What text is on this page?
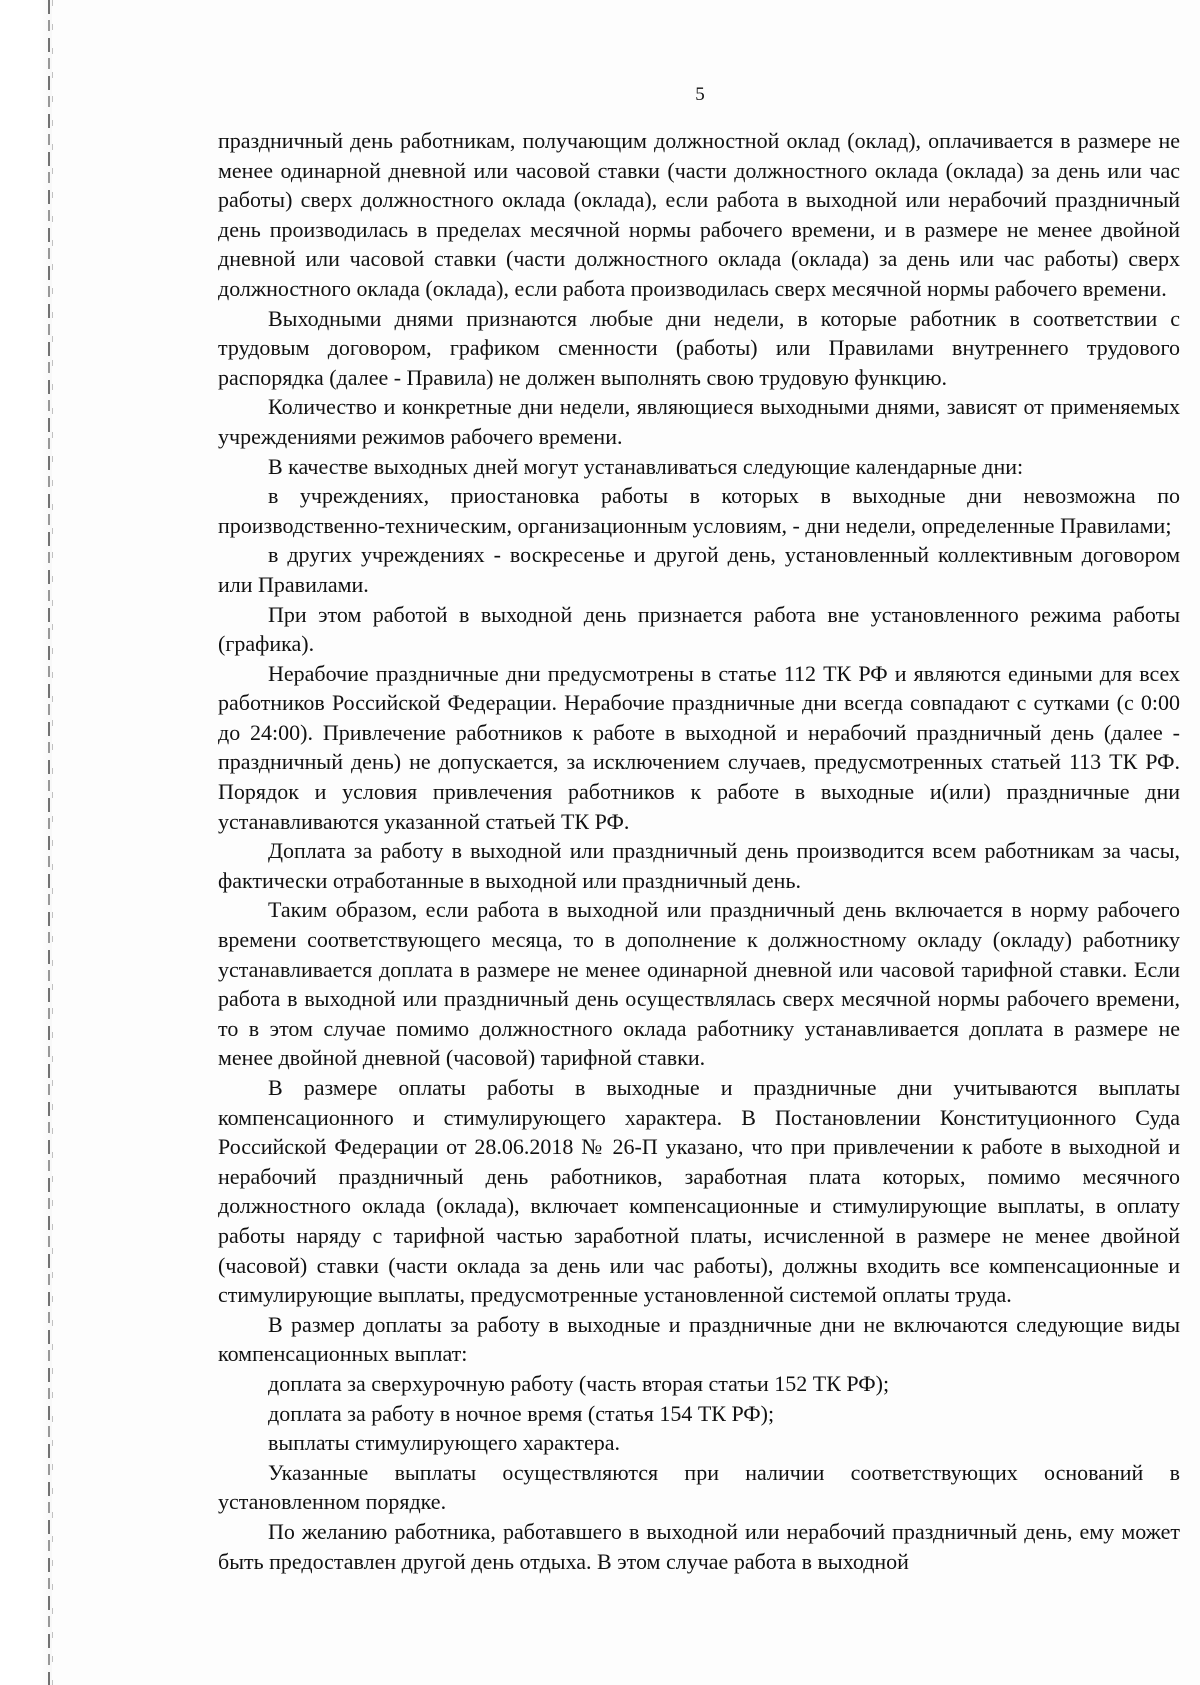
5

праздничный день работникам, получающим должностной оклад (оклад), оплачивается в размере не менее одинарной дневной или часовой ставки (части должностного оклада (оклада) за день или час работы) сверх должностного оклада (оклада), если работа в выходной или нерабочий праздничный день производилась в пределах месячной нормы рабочего времени, и в размере не менее двойной дневной или часовой ставки (части должностного оклада (оклада) за день или час работы) сверх должностного оклада (оклада), если работа производилась сверх месячной нормы рабочего времени.

Выходными днями признаются любые дни недели, в которые работник в соответствии с трудовым договором, графиком сменности (работы) или Правилами внутреннего трудового распорядка (далее - Правила) не должен выполнять свою трудовую функцию.

Количество и конкретные дни недели, являющиеся выходными днями, зависят от применяемых учреждениями режимов рабочего времени.

В качестве выходных дней могут устанавливаться следующие календарные дни:

в учреждениях, приостановка работы в которых в выходные дни невозможна по производственно-техническим, организационным условиям, - дни недели, определенные Правилами;

в других учреждениях - воскресенье и другой день, установленный коллективным договором или Правилами.

При этом работой в выходной день признается работа вне установленного режима работы (графика).

Нерабочие праздничные дни предусмотрены в статье 112 ТК РФ и являются едиными для всех работников Российской Федерации. Нерабочие праздничные дни всегда совпадают с сутками (с 0:00 до 24:00). Привлечение работников к работе в выходной и нерабочий праздничный день (далее - праздничный день) не допускается, за исключением случаев, предусмотренных статьей 113 ТК РФ. Порядок и условия привлечения работников к работе в выходные и(или) праздничные дни устанавливаются указанной статьей ТК РФ.

Доплата за работу в выходной или праздничный день производится всем работникам за часы, фактически отработанные в выходной или праздничный день.

Таким образом, если работа в выходной или праздничный день включается в норму рабочего времени соответствующего месяца, то в дополнение к должностному окладу (окладу) работнику устанавливается доплата в размере не менее одинарной дневной или часовой тарифной ставки. Если работа в выходной или праздничный день осуществлялась сверх месячной нормы рабочего времени, то в этом случае помимо должностного оклада работнику устанавливается доплата в размере не менее двойной дневной (часовой) тарифной ставки.

В размере оплаты работы в выходные и праздничные дни учитываются выплаты компенсационного и стимулирующего характера. В Постановлении Конституционного Суда Российской Федерации от 28.06.2018 № 26-П указано, что при привлечении к работе в выходной и нерабочий праздничный день работников, заработная плата которых, помимо месячного должностного оклада (оклада), включает компенсационные и стимулирующие выплаты, в оплату работы наряду с тарифной частью заработной платы, исчисленной в размере не менее двойной (часовой) ставки (части оклада за день или час работы), должны входить все компенсационные и стимулирующие выплаты, предусмотренные установленной системой оплаты труда.

В размер доплаты за работу в выходные и праздничные дни не включаются следующие виды компенсационных выплат:

доплата за сверхурочную работу (часть вторая статьи 152 ТК РФ);

доплата за работу в ночное время (статья 154 ТК РФ);

выплаты стимулирующего характера.

Указанные выплаты осуществляются при наличии соответствующих оснований в установленном порядке.

По желанию работника, работавшего в выходной или нерабочий праздничный день, ему может быть предоставлен другой день отдыха. В этом случае работа в выходной
